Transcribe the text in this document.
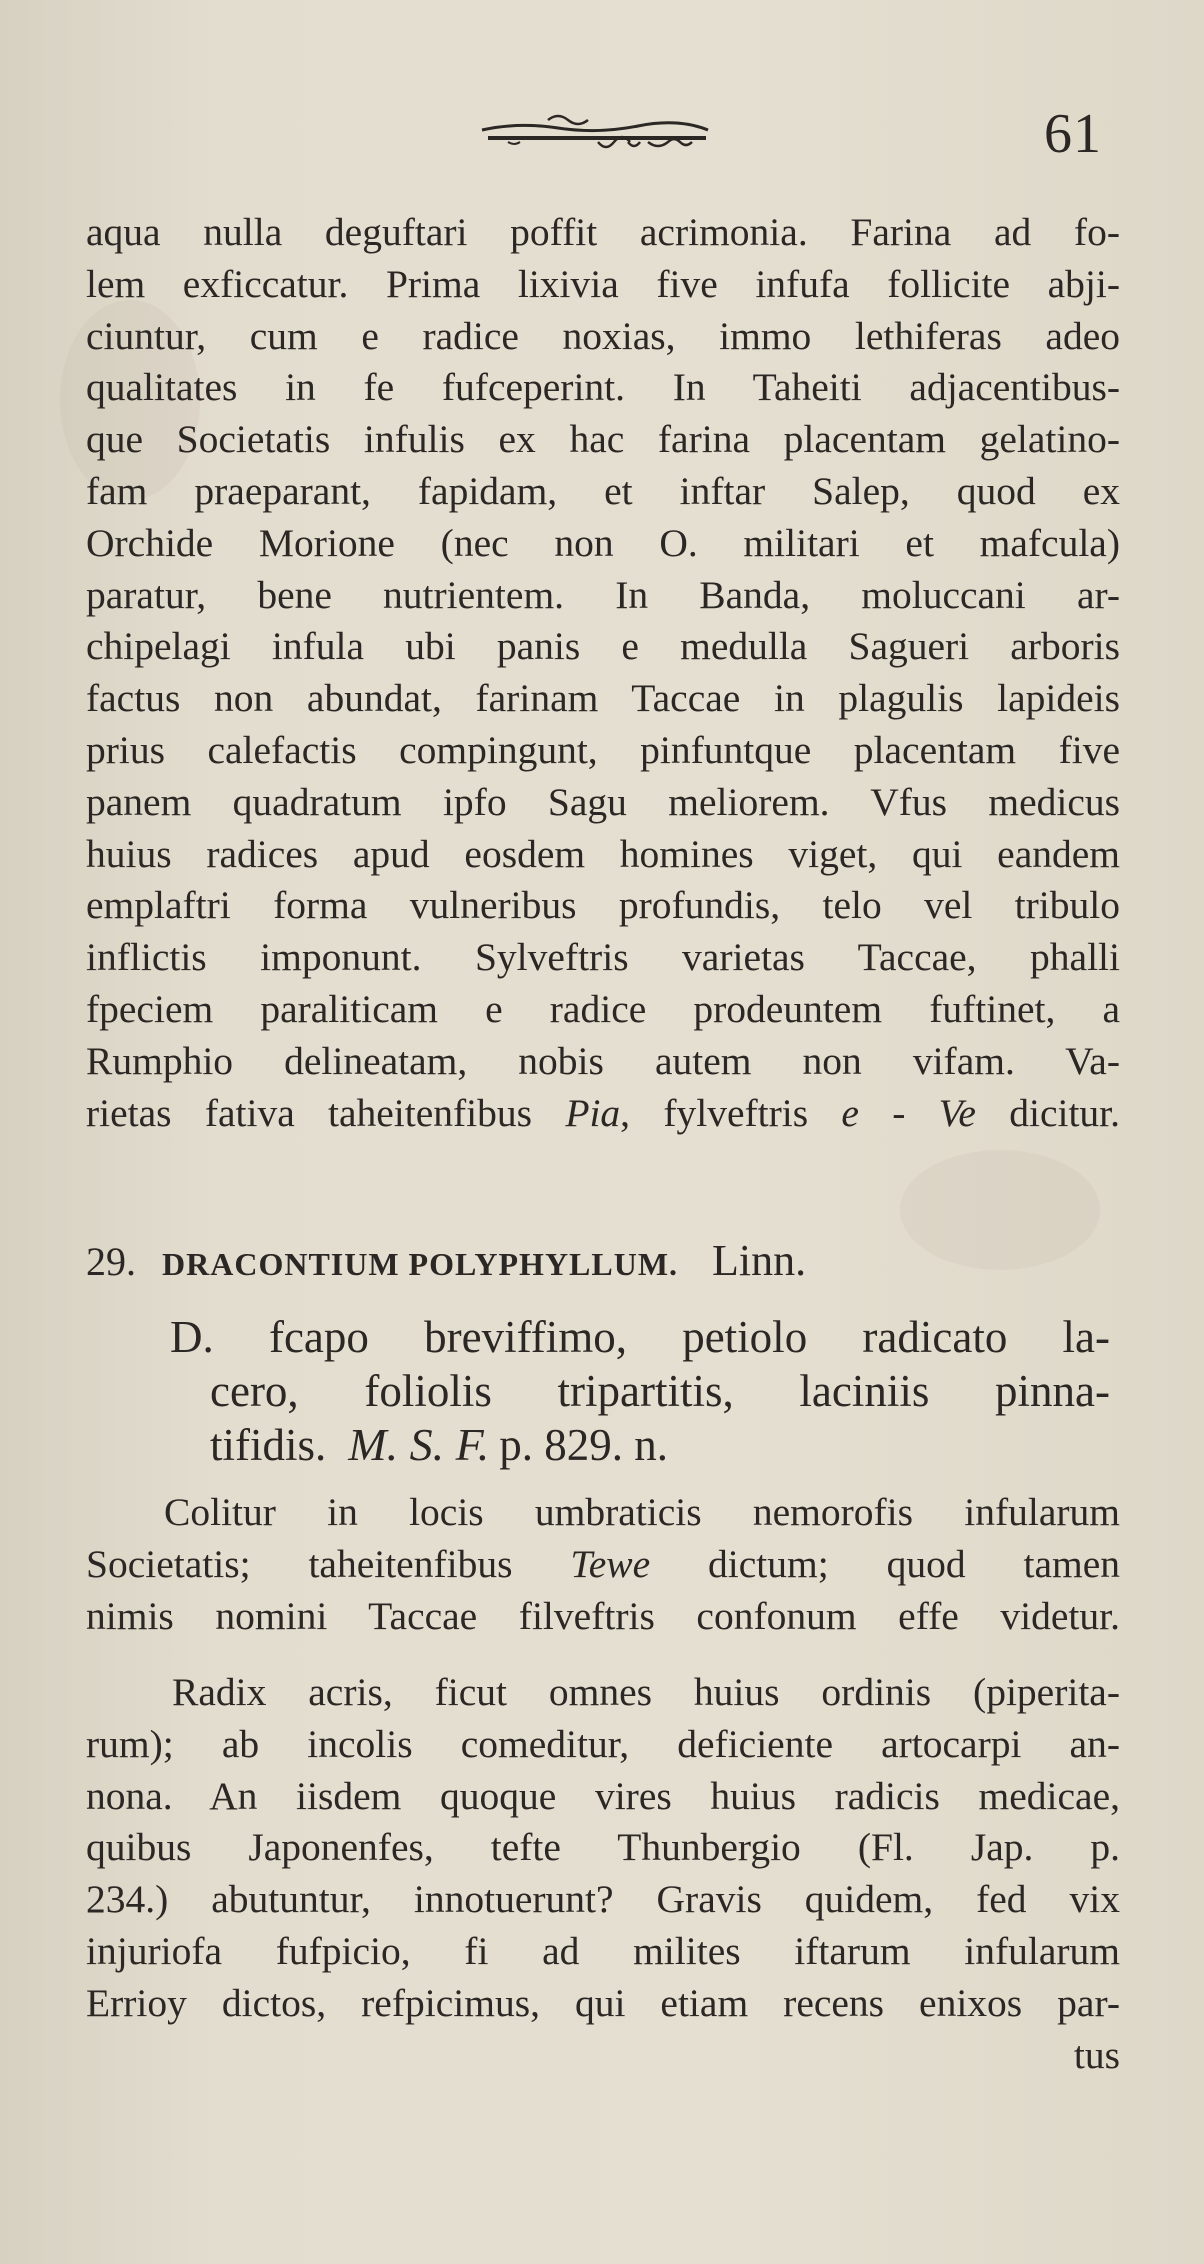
61
aqua nulla deguftari poffit acrimonia. Farina ad fo-
lem exficcatur. Prima lixivia five infufa follicite abji-
ciuntur, cum e radice noxias, immo lethiferas adeo
qualitates in fe fufceperint. In Taheiti adjacentibus-
que Societatis infulis ex hac farina placentam gelatino-
fam praeparant, fapidam, et inftar Salep, quod ex
Orchide Morione (nec non O. militari et mafcula)
paratur, bene nutrientem. In Banda, moluccani ar-
chipelagi infula ubi panis e medulla Sagueri arboris
factus non abundat, farinam Taccae in plagulis lapideis
prius calefactis compingunt, pinfuntque placentam five
panem quadratum ipfo Sagu meliorem. Vfus medicus
huius radices apud eosdem homines viget, qui eandem
emplaftri forma vulneribus profundis, telo vel tribulo
inflictis imponunt. Sylveftris varietas Taccae, phalli
fpeciem paraliticam e radice prodeuntem fuftinet, a
Rumphio delineatam, nobis autem non vifam. Va-
rietas fativa taheitenfibus Pia, fylveftris e - Ve dicitur.
29. DRACONTIUM POLYPHYLLUM. Linn.
D. fcapo breviffimo, petiolo radicato la-
cero, foliolis tripartitis, laciniis pinna-
tifidis. M. S. F. p. 829. n.
Colitur in locis umbraticis nemorofis infularum
Societatis; taheitenfibus Tewe dictum; quod tamen
nimis nomini Taccae filveftris confonum effe videtur.
Radix acris, ficut omnes huius ordinis (piperita-
rum); ab incolis comeditur, deficiente artocarpi an-
nona. An iisdem quoque vires huius radicis medicae,
quibus Japonenfes, tefte Thunbergio (Fl. Jap. p.
234.) abutuntur, innotuerunt? Gravis quidem, fed vix
injuriofa fufpicio, fi ad milites iftarum infularum
Errioy dictos, refpicimus, qui etiam recens enixos par-
tus
